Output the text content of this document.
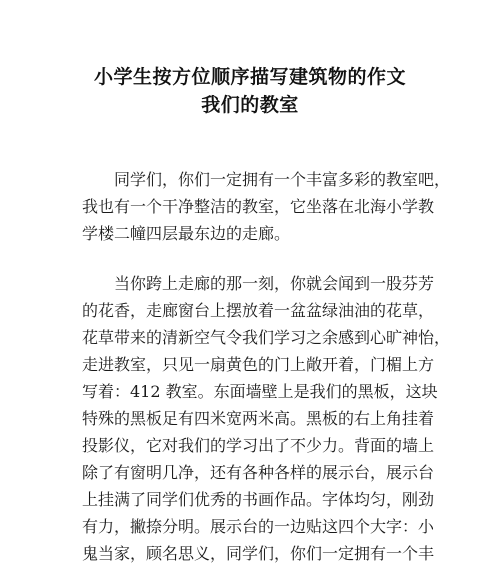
小学生按方位顺序描写建筑物的作文
我们的教室
同学们，你们一定拥有一个丰富多彩的教室吧，
我也有一个干净整洁的教室，它坐落在北海小学教
学楼二幢四层最东边的走廊。
当你跨上走廊的那一刻，你就会闻到一股芬芳
的花香，走廊窗台上摆放着一盆盆绿油油的花草，
花草带来的清新空气令我们学习之余感到心旷神怡，
走进教室，只见一扇黄色的门上敞开着，门楣上方
写着：412 教室。东面墙壁上是我们的黑板，这块
特殊的黑板足有四米宽两米高。黑板的右上角挂着
投影仪，它对我们的学习出了不少力。背面的墙上
除了有窗明几净，还有各种各样的展示台，展示台
上挂满了同学们优秀的书画作品。字体均匀，刚劲
有力，撇捺分明。展示台的一边贴这四个大字：小
鬼当家，顾名思义，同学们，你们一定拥有一个丰
